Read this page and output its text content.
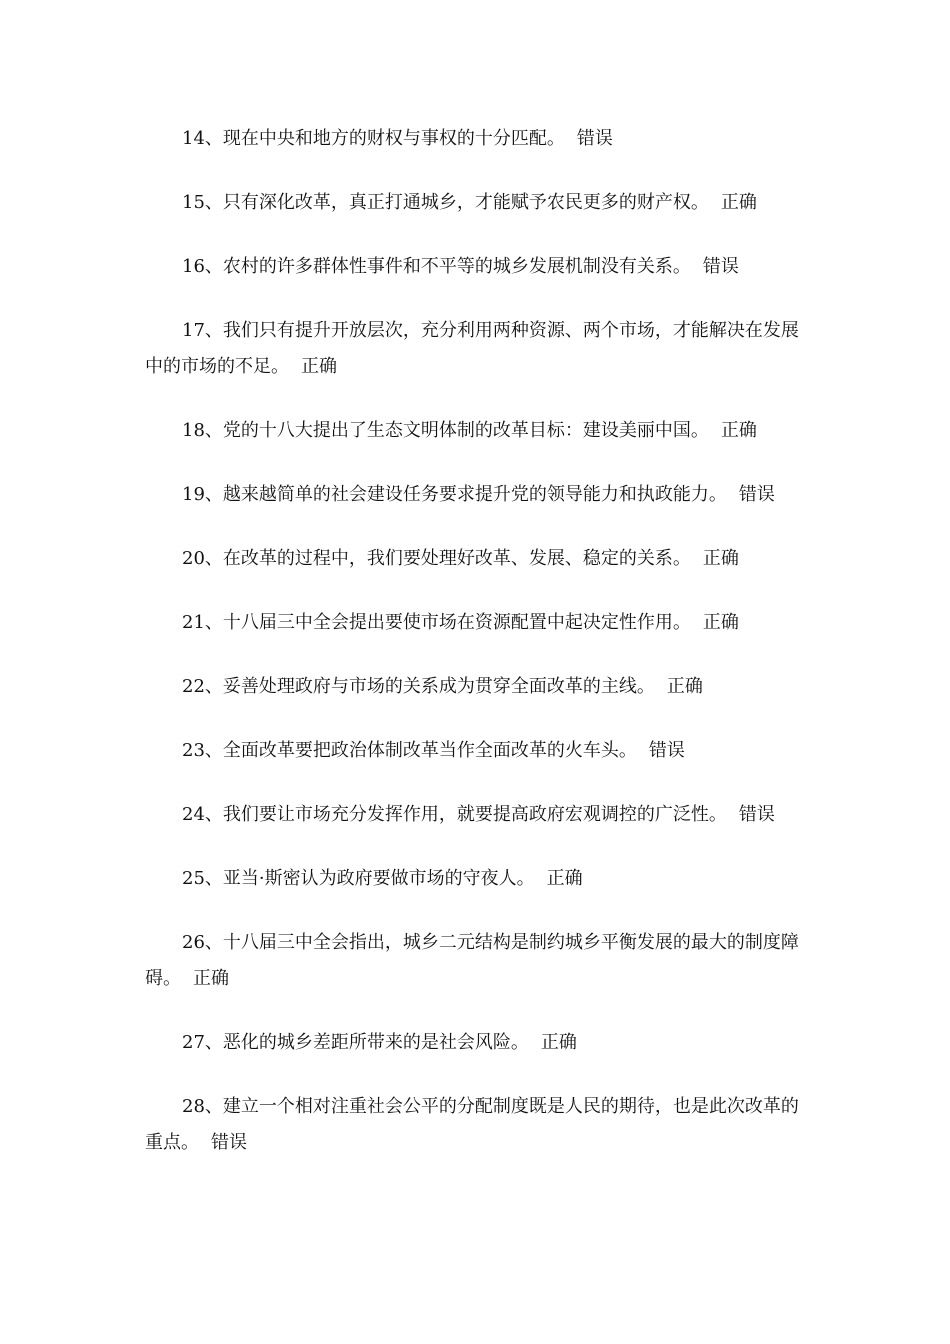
14、现在中央和地方的财权与事权的十分匹配。 错误

15、只有深化改革，真正打通城乡，才能赋予农民更多的财产权。 正确

16、农村的许多群体性事件和不平等的城乡发展机制没有关系。 错误

17、我们只有提升开放层次，充分利用两种资源、两个市场，才能解决在发展中的市场的不足。 正确

18、党的十八大提出了生态文明体制的改革目标：建设美丽中国。 正确

19、越来越简单的社会建设任务要求提升党的领导能力和执政能力。 错误

20、在改革的过程中，我们要处理好改革、发展、稳定的关系。 正确

21、十八届三中全会提出要使市场在资源配置中起决定性作用。 正确

22、妥善处理政府与市场的关系成为贯穿全面改革的主线。 正确

23、全面改革要把政治体制改革当作全面改革的火车头。 错误

24、我们要让市场充分发挥作用，就要提高政府宏观调控的广泛性。 错误

25、亚当·斯密认为政府要做市场的守夜人。 正确

26、十八届三中全会指出，城乡二元结构是制约城乡平衡发展的最大的制度障碍。 正确

27、恶化的城乡差距所带来的是社会风险。 正确

28、建立一个相对注重社会公平的分配制度既是人民的期待，也是此次改革的重点。 错误
